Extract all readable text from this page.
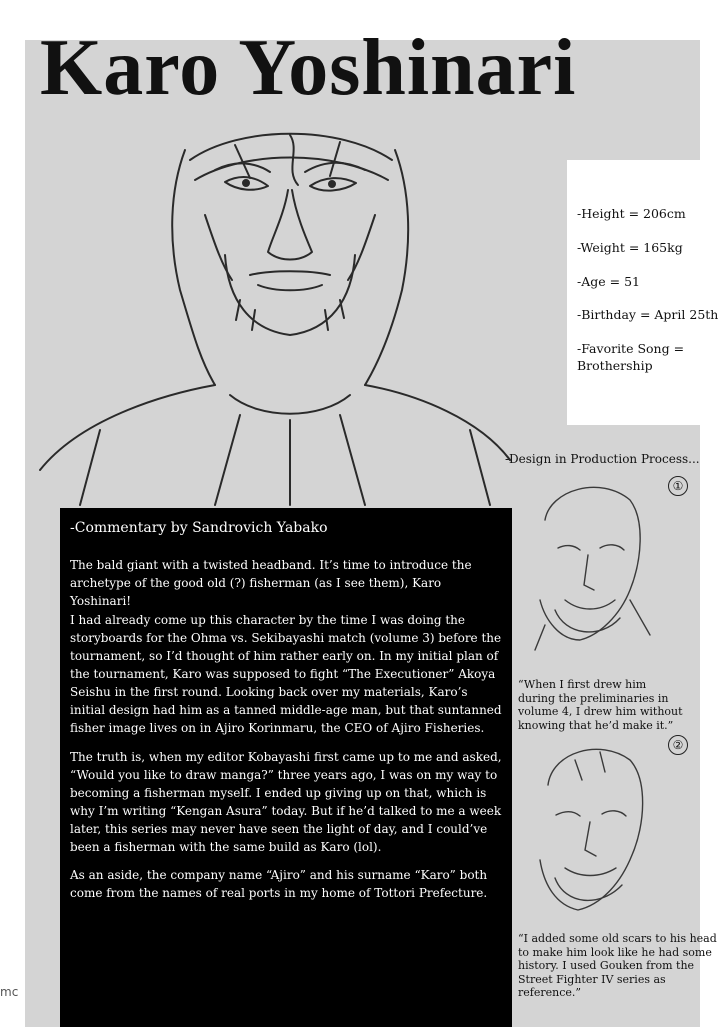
Karo Yoshinari
-Height = 206cm
-Weight = 165kg
-Age = 51
-Birthday = April 25th
-Favorite Song =
Brothership
-Design in Production Process...
①
“When I first drew him
during the preliminaries in
volume 4, I drew him without
knowing that he’d make it.”
②
“I added some old scars to his head
to make him look like he had some
history. I used Gouken from the
Street Fighter IV series as
reference.”
-Commentary by Sandrovich Yabako

The bald giant with a twisted headband. It’s time to introduce the archetype of the good old (?) fisherman (as I see them), Karo Yoshinari!

I had already come up this character by the time I was doing the storyboards for the Ohma vs. Sekibayashi match (volume 3) before the tournament, so I’d thought of him rather early on. In my initial plan of the tournament, Karo was supposed to fight “The Executioner” Akoya Seishu in the first round. Looking back over my materials, Karo’s initial design had him as a tanned middle-age man, but that suntanned fisher image lives on in Ajiro Korinmaru, the CEO of Ajiro Fisheries.

The truth is, when my editor Kobayashi first came up to me and asked, “Would you like to draw manga?” three years ago, I was on my way to becoming a fisherman myself. I ended up giving up on that, which is why I’m writing “Kengan Asura” today. But if he’d talked to me a week later, this series may never have seen the light of day, and I could’ve been a fisherman with the same build as Karo (lol).

As an aside, the company name “Ajiro” and his surname “Karo” both come from the names of real ports in my home of Tottori Prefecture.

mc
